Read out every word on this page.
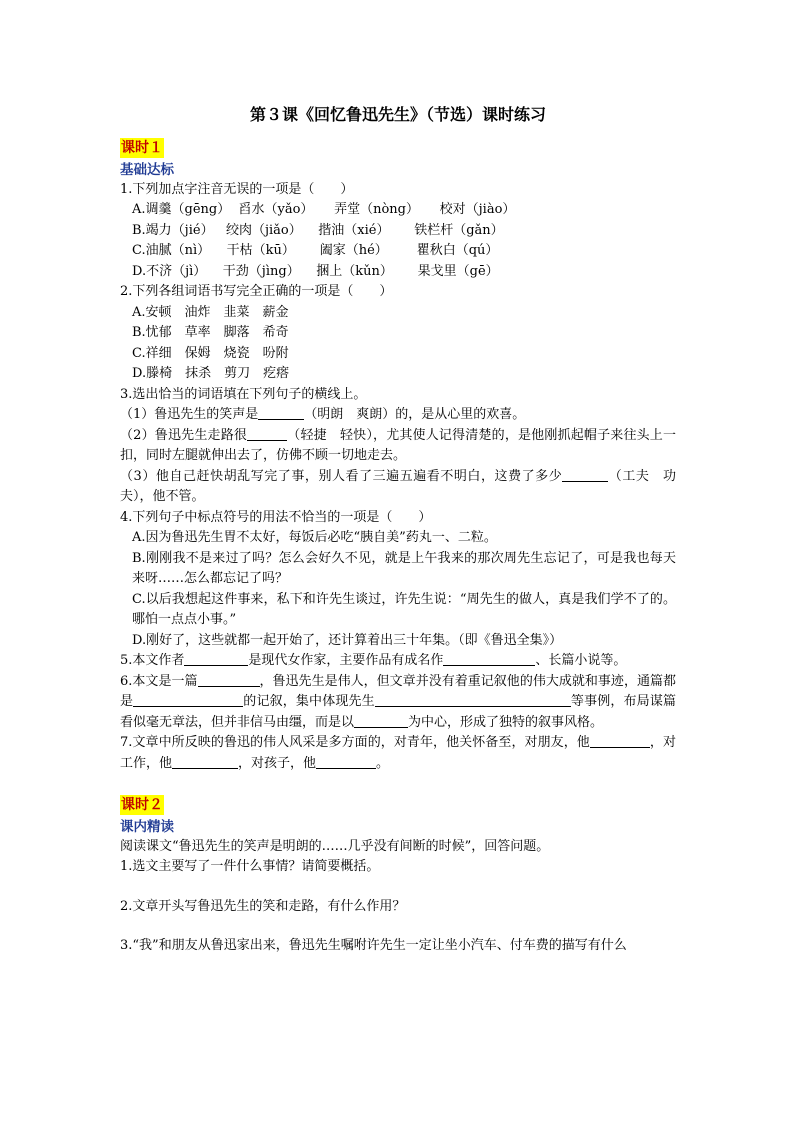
第３课《回忆鲁迅先生》（节选）课时练习
课时１
基础达标

1.下列加点字注音无误的一项是（　　）

A.调羹（gēng）  舀水（yǎo）     弄堂（nòng）     校对（jiào）

B.竭力（jié）   绞肉（jiǎo）    揩油（xié）      铁栏杆（gǎn）

C.油腻（nì）    干枯（kū）      阖家（hé）       瞿秋白（qú）

D.不济（jì）    干劲（jìng）    捆上（kǔn）      果戈里（gē）

2.下列各组词语书写完全正确的一项是（　　）

A.安顿　油炸　韭菜　薪金

B.忧郁　草率　脚落　希奇

C.祥细　保姆　烧瓷　吩附

D.滕椅　抹杀　剪刀　疙瘩

3.选出恰当的词语填在下列句子的横线上。

（1）鲁迅先生的笑声是	（明朗　爽朗）的，是从心里的欢喜。

（2）鲁迅先生走路很	（轻捷　轻快），尤其使人记得清楚的，是他刚抓起帽子来往头上一扣，同时左腿就伸出去了，仿佛不顾一切地走去。

（3）他自己赶快胡乱写完了事，别人看了三遍五遍看不明白，这费了多少	（工夫　功夫），他不管。

4.下列句子中标点符号的用法不恰当的一项是（　　）

A.因为鲁迅先生胃不太好，每饭后必吃“胰自美”药丸一、二粒。

B.刚刚我不是来过了吗？怎么会好久不见，就是上午我来的那次周先生忘记了，可是我也每天来呀……怎么都忘记了吗？

C.以后我想起这件事来，私下和许先生谈过，许先生说：“周先生的做人，真是我们学不了的。哪怕一点点小事。”

D.刚好了，这些就都一起开始了，还计算着出三十年集。（即《鲁迅全集》）

5.本文作者	是现代女作家，主要作品有成名作	、长篇小说等。

6.本文是一篇	，鲁迅先生是伟人，但文章并没有着重记叙他的伟大成就和事迹，通篇都是	的记叙，集中体现先生	等事例，布局谋篇看似毫无章法，但并非信马由缰，而是以	为中心，形成了独特的叙事风格。

7.文章中所反映的鲁迅的伟人风采是多方面的，对青年，他关怀备至，对朋友，他	，对工作，他	，对孩子，他	。

课时２
课内精读

阅读课文“鲁迅先生的笑声是明朗的……几乎没有间断的时候”，回答问题。

1.选文主要写了一件什么事情？请简要概括。

2.文章开头写鲁迅先生的笑和走路，有什么作用？

3.“我”和朋友从鲁迅家出来，鲁迅先生嘱咐许先生一定让坐小汽车、付车费的描写有什么
